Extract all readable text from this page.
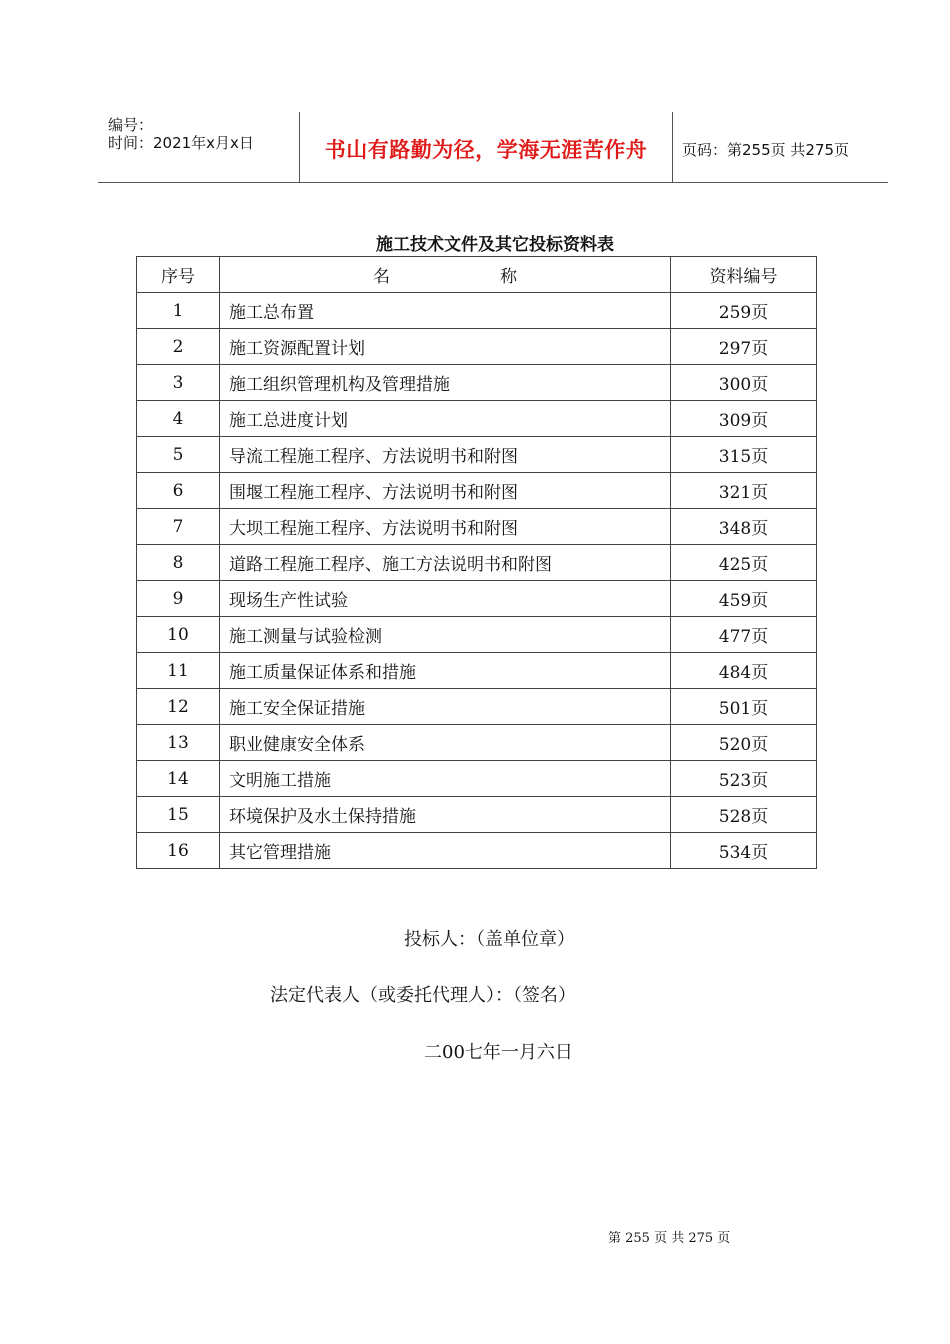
编号：
时间：2021年x月x日	书山有路勤为径，学海无涯苦作舟	页码：第255页 共275页
施工技术文件及其它投标资料表
序号	名 称	资料编号
1	施工总布置	259页
2	施工资源配置计划	297页
3	施工组织管理机构及管理措施	300页
4	施工总进度计划	309页
5	导流工程施工程序、方法说明书和附图	315页
6	围堰工程施工程序、方法说明书和附图	321页
7	大坝工程施工程序、方法说明书和附图	348页
8	道路工程施工程序、施工方法说明书和附图	425页
9	现场生产性试验	459页
10	施工测量与试验检测	477页
11	施工质量保证体系和措施	484页
12	施工安全保证措施	501页
13	职业健康安全体系	520页
14	文明施工措施	523页
15	环境保护及水土保持措施	528页
16	其它管理措施	534页
投标人：（盖单位章）
法定代表人（或委托代理人）：（签名）
二00七年一月六日
第 255 页 共 275 页
